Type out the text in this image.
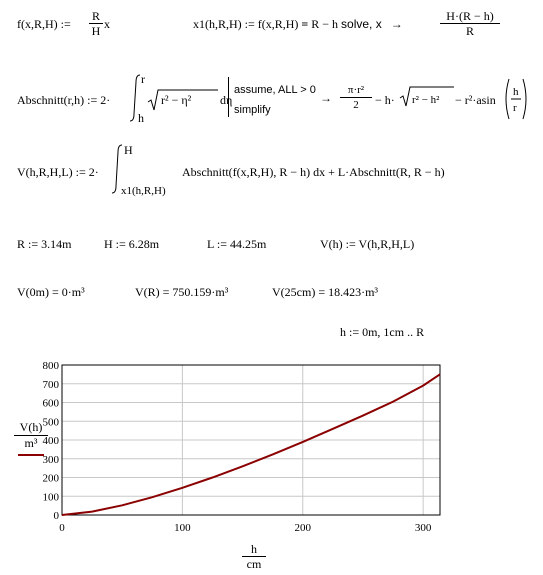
f(x,R,H) := $\frac{R}{H}$ x	x1(h,R,H) := f(x,R,H) = R − h solve, x →	$\frac{H\cdot(R - h)}{R}$
Abschnitt(r,h) := 2·
r
h
r² − η² dη
assume, ALL > 0
simplify
→ $\frac{\text{π·r²}}{2} - h\cdot r^2 - h^2 - r^2\cdot asin$
h
r
V(h,R,H,L) := 2·
H
x1(h,R,H)
Abschnitt(f(x,R,H), R − h) dx + L·Abschnitt(R, R − h)
R := 3.14m	H := 6.28m	L := 44.25m	V(h) := V(h,R,H,L)
V(0m) = 0·m³	V(R) = 750.159·m³	V(25cm) = 18.423·m³
h := 0m, 1cm .. R
$\frac{V(h)}{\text{m³}}$
0
100
200
300
400
500
600
700
800
0	100	200	300
$\frac{h}{cm}$
